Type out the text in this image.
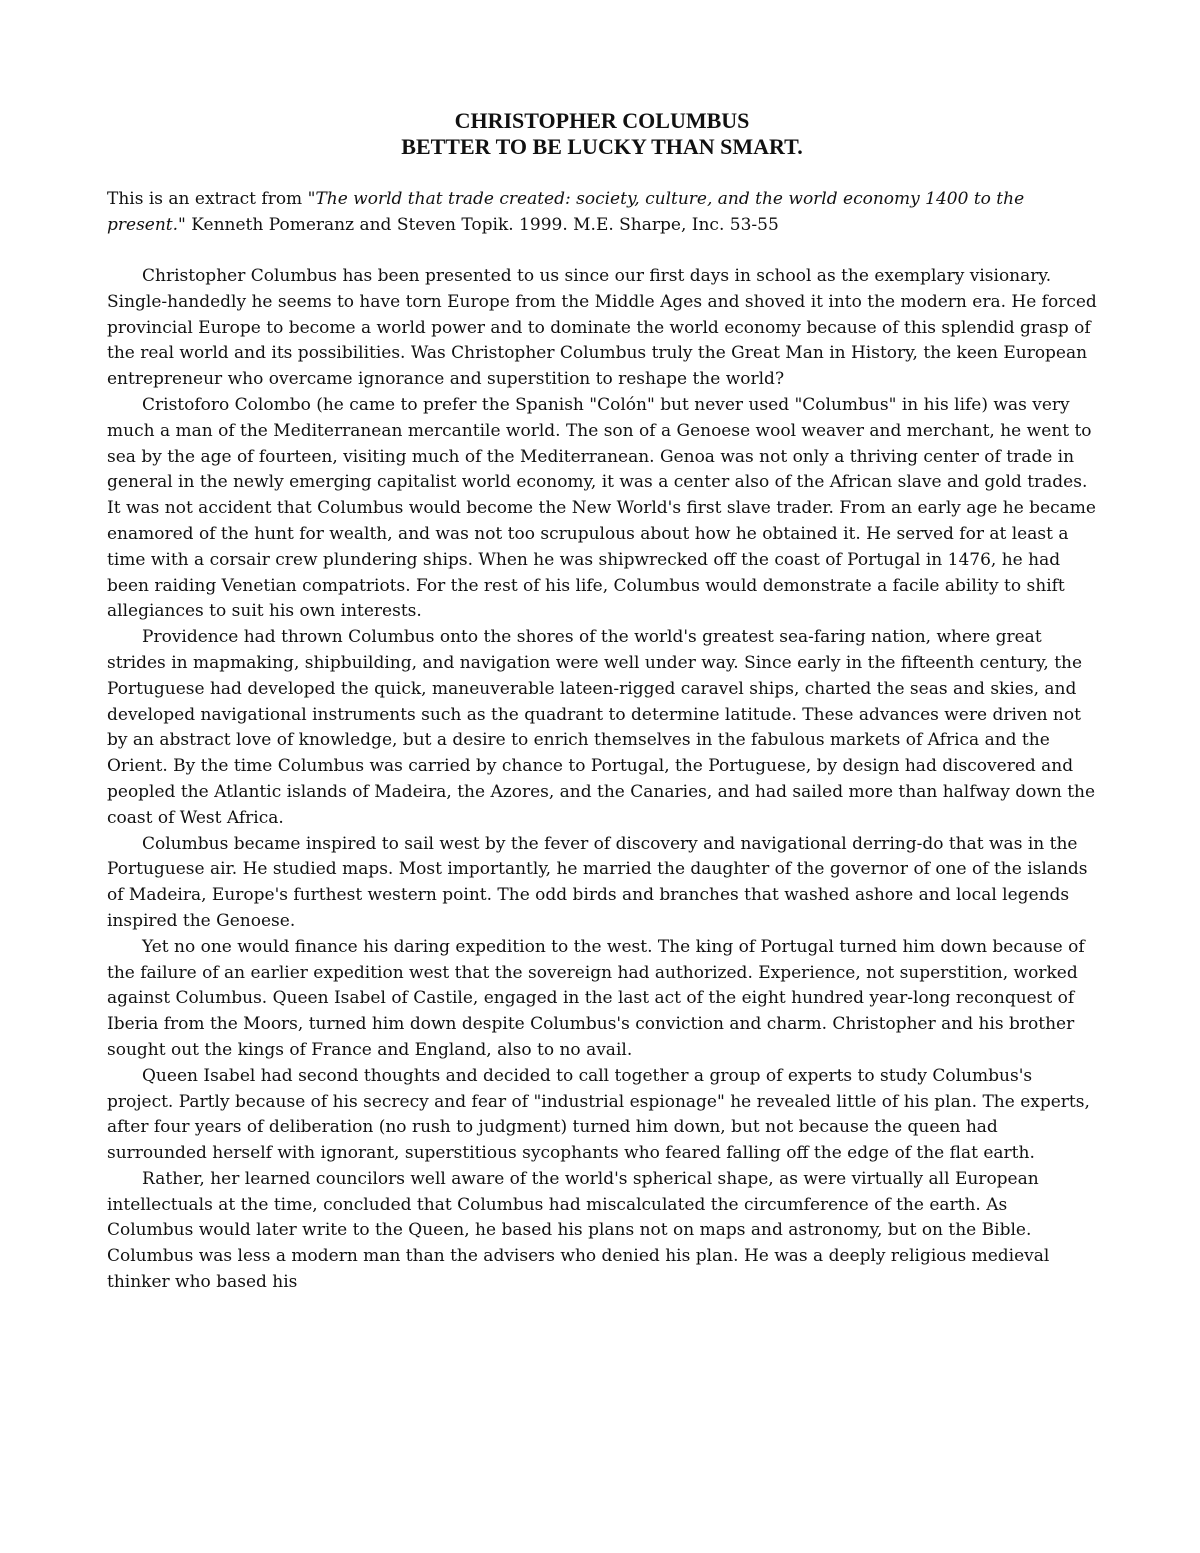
CHRISTOPHER COLUMBUS
BETTER TO BE LUCKY THAN SMART.

This is an extract from "The world that trade created: society, culture, and the world economy 1400 to the present." Kenneth Pomeranz and Steven Topik. 1999. M.E. Sharpe, Inc. 53-55

Christopher Columbus has been presented to us since our first days in school as the exemplary visionary. Single-handedly he seems to have torn Europe from the Middle Ages and shoved it into the modern era. He forced provincial Europe to become a world power and to dominate the world economy because of this splendid grasp of the real world and its possibilities. Was Christopher Columbus truly the Great Man in History, the keen European entrepreneur who overcame ignorance and superstition to reshape the world?

Cristoforo Colombo (he came to prefer the Spanish "Colón" but never used "Columbus" in his life) was very much a man of the Mediterranean mercantile world. The son of a Genoese wool weaver and merchant, he went to sea by the age of fourteen, visiting much of the Mediterranean. Genoa was not only a thriving center of trade in general in the newly emerging capitalist world economy, it was a center also of the African slave and gold trades. It was not accident that Columbus would become the New World's first slave trader. From an early age he became enamored of the hunt for wealth, and was not too scrupulous about how he obtained it. He served for at least a time with a corsair crew plundering ships. When he was shipwrecked off the coast of Portugal in 1476, he had been raiding Venetian compatriots. For the rest of his life, Columbus would demonstrate a facile ability to shift allegiances to suit his own interests.

Providence had thrown Columbus onto the shores of the world's greatest sea-faring nation, where great strides in mapmaking, shipbuilding, and navigation were well under way. Since early in the fifteenth century, the Portuguese had developed the quick, maneuverable lateen-rigged caravel ships, charted the seas and skies, and developed navigational instruments such as the quadrant to determine latitude. These advances were driven not by an abstract love of knowledge, but a desire to enrich themselves in the fabulous markets of Africa and the Orient. By the time Columbus was carried by chance to Portugal, the Portuguese, by design had discovered and peopled the Atlantic islands of Madeira, the Azores, and the Canaries, and had sailed more than halfway down the coast of West Africa.

Columbus became inspired to sail west by the fever of discovery and navigational derring-do that was in the Portuguese air. He studied maps. Most importantly, he married the daughter of the governor of one of the islands of Madeira, Europe's furthest western point. The odd birds and branches that washed ashore and local legends inspired the Genoese.

Yet no one would finance his daring expedition to the west. The king of Portugal turned him down because of the failure of an earlier expedition west that the sovereign had authorized. Experience, not superstition, worked against Columbus. Queen Isabel of Castile, engaged in the last act of the eight hundred year-long reconquest of Iberia from the Moors, turned him down despite Columbus's conviction and charm. Christopher and his brother sought out the kings of France and England, also to no avail.

Queen Isabel had second thoughts and decided to call together a group of experts to study Columbus's project. Partly because of his secrecy and fear of "industrial espionage" he revealed little of his plan. The experts, after four years of deliberation (no rush to judgment) turned him down, but not because the queen had surrounded herself with ignorant, superstitious sycophants who feared falling off the edge of the flat earth.

Rather, her learned councilors well aware of the world's spherical shape, as were virtually all European intellectuals at the time, concluded that Columbus had miscalculated the circumference of the earth. As Columbus would later write to the Queen, he based his plans not on maps and astronomy, but on the Bible. Columbus was less a modern man than the advisers who denied his plan. He was a deeply religious medieval thinker who based his
